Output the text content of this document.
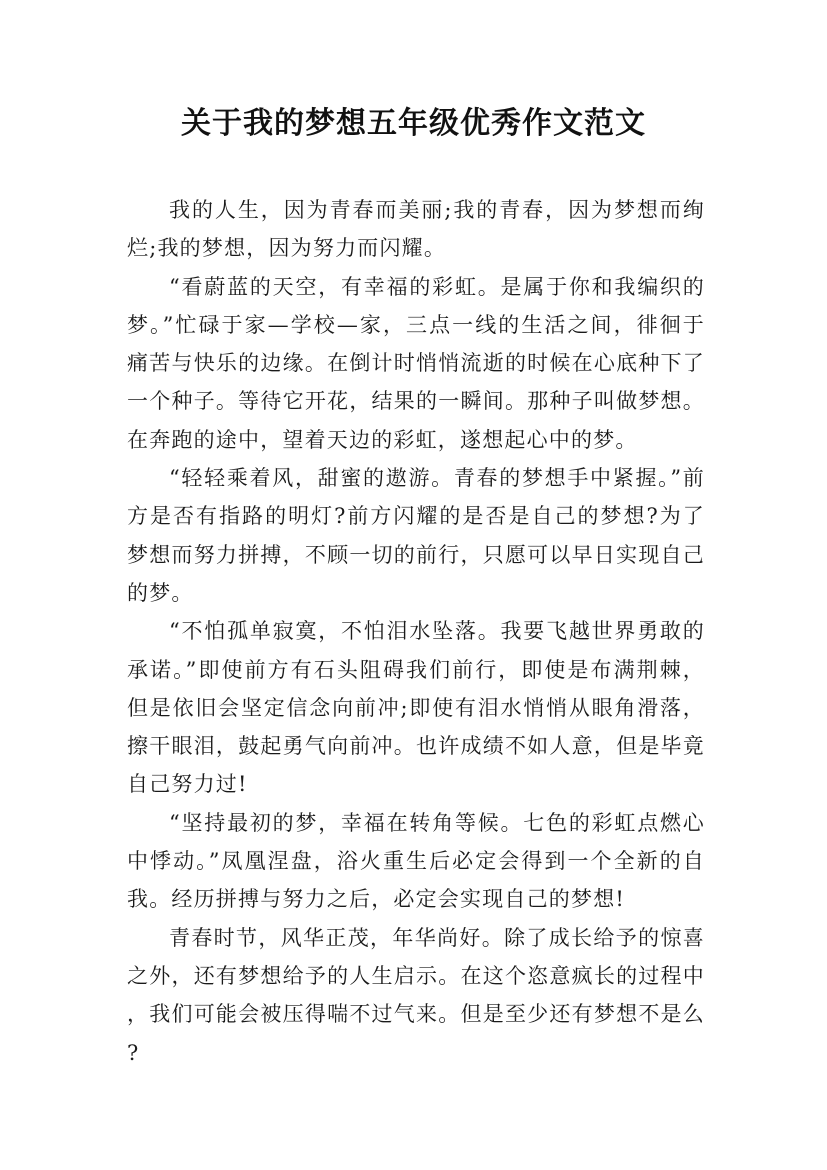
关于我的梦想五年级优秀作文范文

我的人生，因为青春而美丽;我的青春，因为梦想而绚烂;我的梦想，因为努力而闪耀。

“看蔚蓝的天空，有幸福的彩虹。是属于你和我编织的梦。”忙碌于家—学校—家，三点一线的生活之间，徘徊于痛苦与快乐的边缘。在倒计时悄悄流逝的时候在心底种下了一个种子。等待它开花，结果的一瞬间。那种子叫做梦想。在奔跑的途中，望着天边的彩虹，遂想起心中的梦。

“轻轻乘着风，甜蜜的遨游。青春的梦想手中紧握。”前方是否有指路的明灯?前方闪耀的是否是自己的梦想?为了梦想而努力拼搏，不顾一切的前行，只愿可以早日实现自己的梦。

“不怕孤单寂寞，不怕泪水坠落。我要飞越世界勇敢的承诺。”即使前方有石头阻碍我们前行，即使是布满荆棘，但是依旧会坚定信念向前冲;即使有泪水悄悄从眼角滑落，擦干眼泪，鼓起勇气向前冲。也许成绩不如人意，但是毕竟自己努力过!

“坚持最初的梦，幸福在转角等候。七色的彩虹点燃心中悸动。”凤凰涅盘，浴火重生后必定会得到一个全新的自我。经历拼搏与努力之后，必定会实现自己的梦想!

青春时节，风华正茂，年华尚好。除了成长给予的惊喜之外，还有梦想给予的人生启示。在这个恣意疯长的过程中，我们可能会被压得喘不过气来。但是至少还有梦想不是么?
